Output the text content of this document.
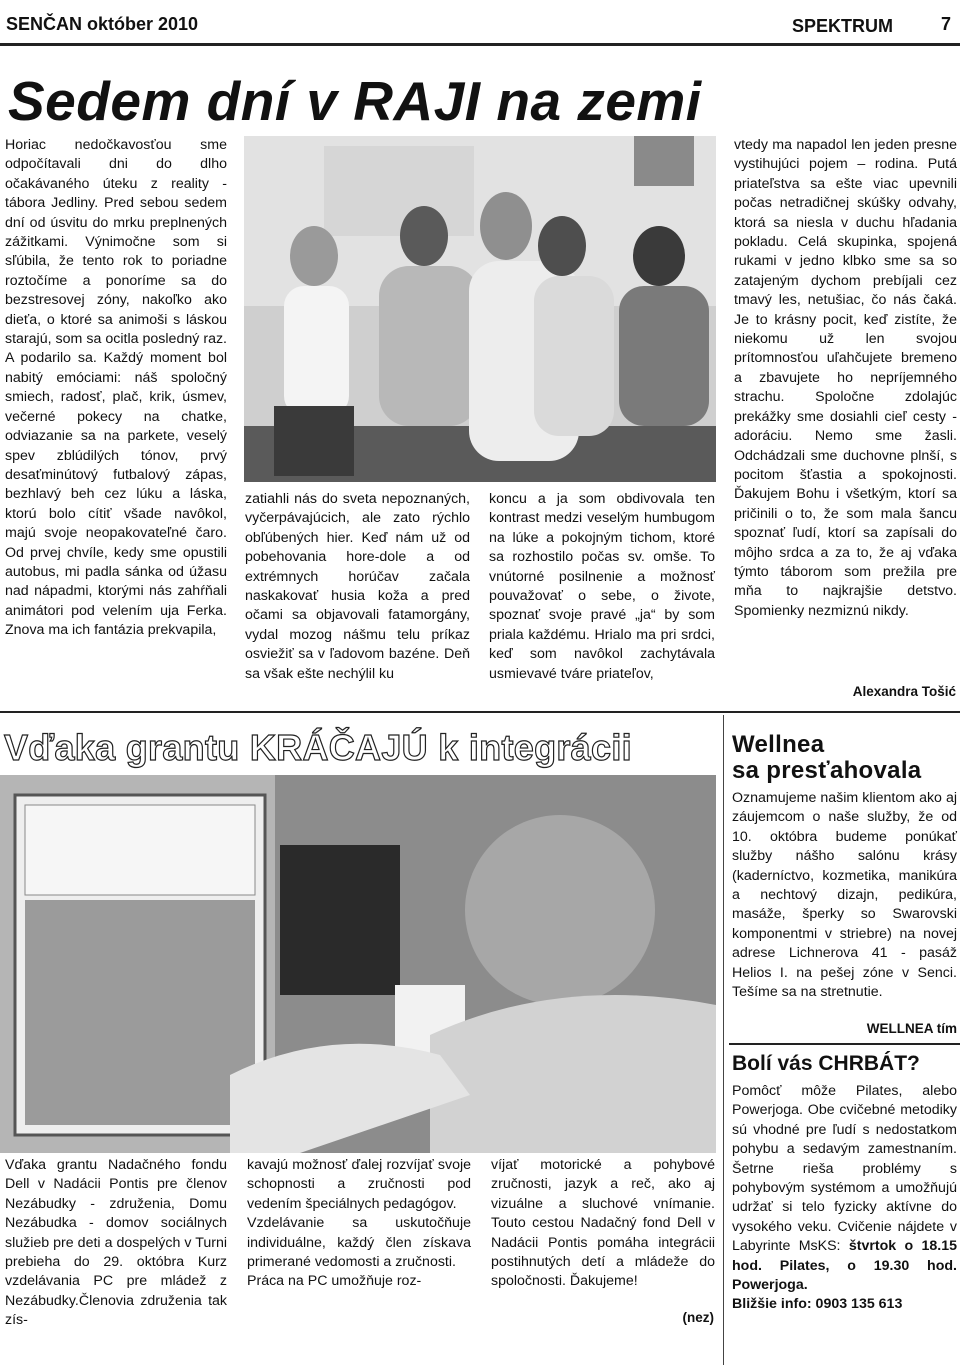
SENČAN október 2010	SPEKTRUM	7
Sedem dní v RAJI na zemi
Horiac nedočkavosťou sme odpočítavali dni do dlho očakávaného úteku z reality - tábora Jedliny. Pred sebou sedem dní od úsvitu do mrku preplnených zážitkami. Výnimočne som si sľúbila, že tento rok to poriadne roztočíme a ponoríme sa do bezstresovej zóny, nakoľko ako dieťa, o ktoré sa animoši s láskou starajú, som sa ocitla posledný raz. A podarilo sa. Každý moment bol nabitý emóciami: náš spoločný smiech, radosť, plač, krik, úsmev, večerné pokecy na chatke, odviazanie sa na parkete, veselý spev zblúdilých tónov, prvý desaťminútový futbalový zápas, bezhlavý beh cez lúku a láska, ktorú bolo cítiť všade navôkol, majú svoje neopakovateľné čaro. Od prvej chvíle, kedy sme opustili autobus, mi padla sánka od úžasu nad nápadmi, ktorými nás zahŕňali animátori pod velením uja Ferka. Znova ma ich fantázia prekvapila,
zatiahli nás do sveta nepoznaných, vyčerpávajúcich, ale zato rýchlo obľúbených hier. Keď nám už od pobehovania hore-dole a od extrémnych horúčav začala naskakovať husia koža a pred očami sa objavovali fatamorgány, vydal mozog nášmu telu príkaz osviežiť sa v ľadovom bazéne. Deň sa však ešte nechýlil ku
koncu a ja som obdivovala ten kontrast medzi veselým humbugom na lúke a pokojným tichom, ktoré sa rozhostilo počas sv. omše. To vnútorné posilnenie a možnosť pouvažovať o sebe, o živote, spoznať svoje pravé „ja“ by som priala každému. Hrialo ma pri srdci, keď som navôkol zachytávala usmievavé tváre priateľov,
vtedy ma napadol len jeden presne vystihujúci pojem – rodina. Putá priateľstva sa ešte viac upevnili počas netradičnej skúšky odvahy, ktorá sa niesla v duchu hľadania pokladu. Celá skupinka, spojená rukami v jedno klbko sme sa so zatajeným dychom prebíjali cez tmavý les, netušiac, čo nás čaká. Je to krásny pocit, keď zistíte, že niekomu už len svojou prítomnosťou uľahčujete bremeno a zbavujete ho nepríjemného strachu. Spoločne zdolajúc prekážky sme dosiahli cieľ cesty - adoráciu. Nemo sme žasli. Odchádzali sme duchovne plnší, s pocitom šťastia a spokojnosti. Ďakujem Bohu i všetkým, ktorí sa pričinili o to, že som mala šancu spoznať ľudí, ktorí sa zapísali do môjho srdca a za to, že aj vďaka týmto táborom som prežila pre mňa to najkrajšie detstvo. Spomienky nezmiznú nikdy.
Alexandra Tošić
Vďaka grantu KRÁČAJÚ k integrácii
Vďaka grantu Nadačného fondu Dell v Nadácii Pontis pre členov Nezábudky - združenia, Domu Nezábudka - domov sociálnych služieb pre deti a dospelých v Turni prebieha do 29. októbra Kurz vzdelávania PC pre mládež z Nezábudky.Členovia združenia tak zís-

kavajú možnosť ďalej rozvíjať svoje schopnosti a zručnosti pod vedením špeciálnych pedagógov.

Vzdelávanie sa uskutočňuje individuálne, každý člen získava primerané vedomosti a zručnosti.

Práca na PC umožňuje roz-

víjať motorické a pohybové zručnosti, jazyk a reč, ako aj vizuálne a sluchové vnímanie. Touto cestou Nadačný fond Dell v Nadácii Pontis pomáha integrácii postihnutých detí a mládeže do spoločnosti. Ďakujeme!
(nez)
Wellnea
sa presťahovala
Oznamujeme našim klientom ako aj záujemcom o naše služby, že od 10. októbra budeme ponúkať služby nášho salónu krásy (kaderníctvo, kozmetika, manikúra a nechtový dizajn, pedikúra, masáže, šperky so Swarovski komponentmi v striebre) na novej adrese Lichnerova 41 - pasáž Helios I. na pešej zóne v Senci. Tešíme sa na stretnutie.
WELLNEA tím
Bolí vás CHRBÁT?
Pomôcť môže Pilates, alebo Powerjoga. Obe cvičebné metodiky sú vhodné pre ľudí s nedostatkom pohybu a sedavým zamestnaním. Šetrne rieša problémy s pohybovým systémom a umožňujú udržať si telo fyzicky aktívne do vysokého veku. Cvičenie nájdete v Labyrinte MsKS: štvrtok o 18.15 hod. Pilates, o 19.30 hod. Powerjoga.
Bližšie info: 0903 135 613
